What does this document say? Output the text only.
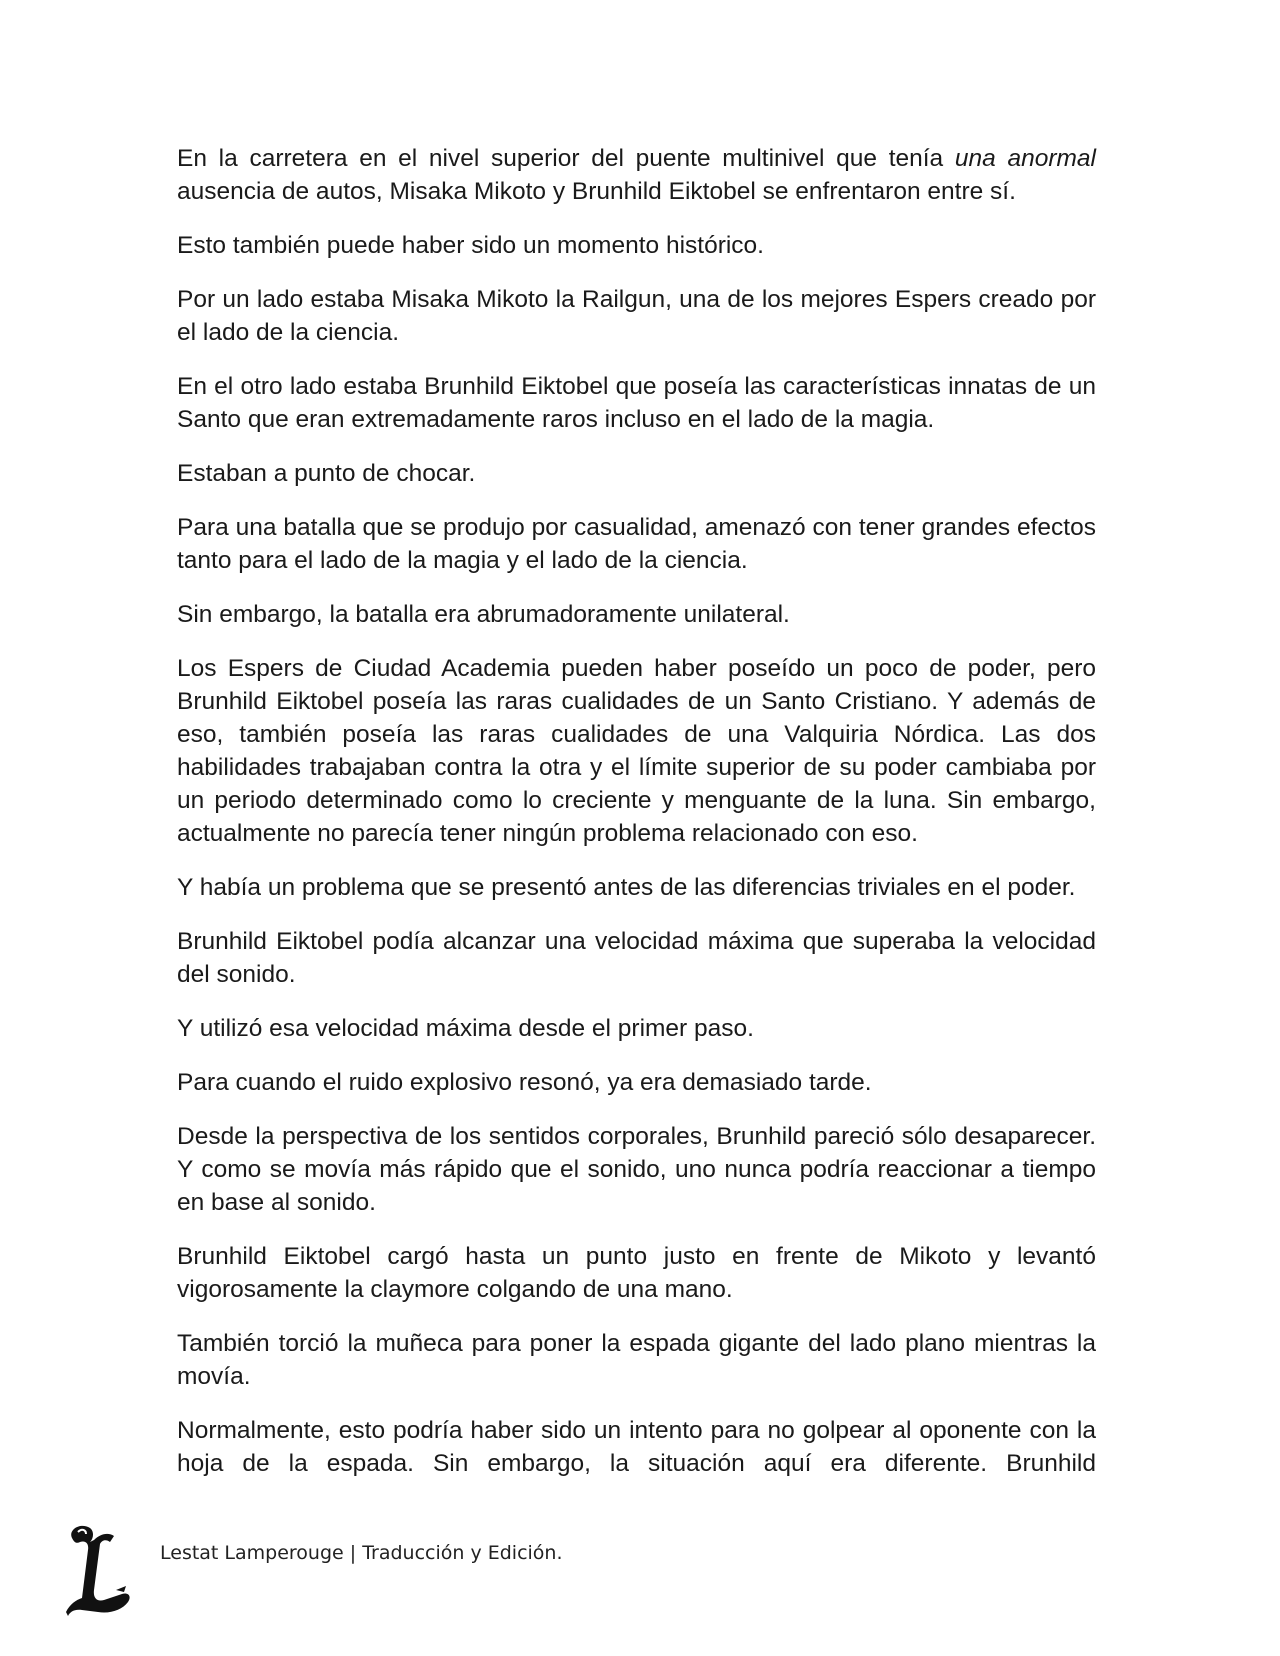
En la carretera en el nivel superior del puente multinivel que tenía una anormal ausencia de autos, Misaka Mikoto y Brunhild Eiktobel se enfrentaron entre sí.

Esto también puede haber sido un momento histórico.

Por un lado estaba Misaka Mikoto la Railgun, una de los mejores Espers creado por el lado de la ciencia.

En el otro lado estaba Brunhild Eiktobel que poseía las características innatas de un Santo que eran extremadamente raros incluso en el lado de la magia.

Estaban a punto de chocar.

Para una batalla que se produjo por casualidad, amenazó con tener grandes efectos tanto para el lado de la magia y el lado de la ciencia.

Sin embargo, la batalla era abrumadoramente unilateral.

Los Espers de Ciudad Academia pueden haber poseído un poco de poder, pero Brunhild Eiktobel poseía las raras cualidades de un Santo Cristiano. Y además de eso, también poseía las raras cualidades de una Valquiria Nórdica. Las dos habilidades trabajaban contra la otra y el límite superior de su poder cambiaba por un periodo determinado como lo creciente y menguante de la luna. Sin embargo, actualmente no parecía tener ningún problema relacionado con eso.

Y había un problema que se presentó antes de las diferencias triviales en el poder.

Brunhild Eiktobel podía alcanzar una velocidad máxima que superaba la velocidad del sonido.

Y utilizó esa velocidad máxima desde el primer paso.

Para cuando el ruido explosivo resonó, ya era demasiado tarde.

Desde la perspectiva de los sentidos corporales, Brunhild pareció sólo desaparecer. Y como se movía más rápido que el sonido, uno nunca podría reaccionar a tiempo en base al sonido.

Brunhild Eiktobel cargó hasta un punto justo en frente de Mikoto y levantó vigorosamente la claymore colgando de una mano.

También torció la muñeca para poner la espada gigante del lado plano mientras la movía.

Normalmente, esto podría haber sido un intento para no golpear al oponente con la hoja de la espada. Sin embargo, la situación aquí era diferente. Brunhild

Lestat Lamperouge | Traducción y Edición.
